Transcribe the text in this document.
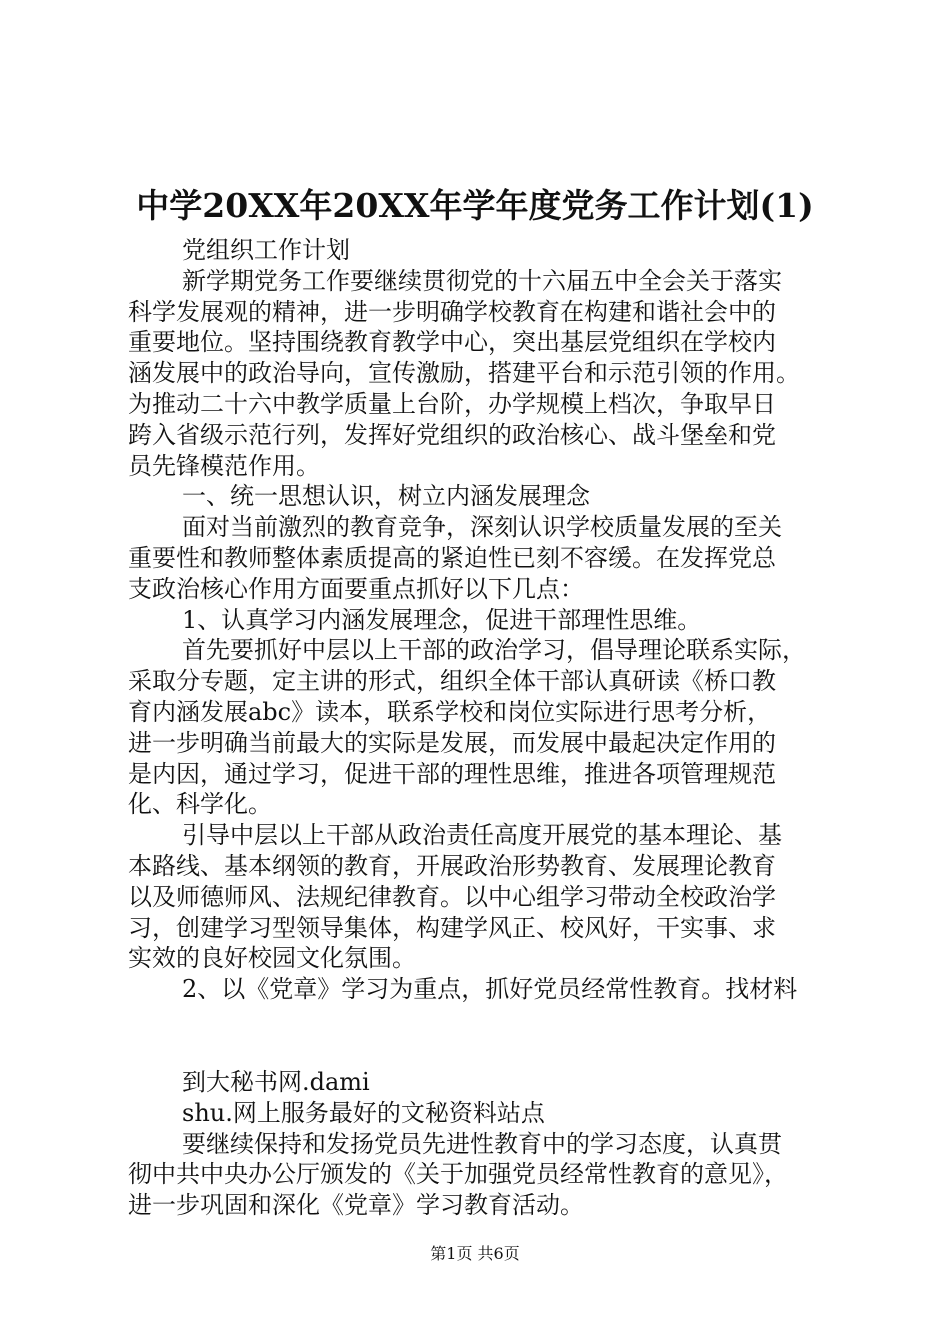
中学20XX年20XX年学年度党务工作计划(1)
党组织工作计划
新学期党务工作要继续贯彻党的十六届五中全会关于落实
科学发展观的精神，进一步明确学校教育在构建和谐社会中的
重要地位。坚持围绕教育教学中心，突出基层党组织在学校内
涵发展中的政治导向，宣传激励，搭建平台和示范引领的作用。
为推动二十六中教学质量上台阶，办学规模上档次，争取早日
跨入省级示范行列，发挥好党组织的政治核心、战斗堡垒和党
员先锋模范作用。
一、统一思想认识，树立内涵发展理念
面对当前激烈的教育竞争，深刻认识学校质量发展的至关
重要性和教师整体素质提高的紧迫性已刻不容缓。在发挥党总
支政治核心作用方面要重点抓好以下几点：
1、认真学习内涵发展理念，促进干部理性思维。
首先要抓好中层以上干部的政治学习，倡导理论联系实际，
采取分专题，定主讲的形式，组织全体干部认真研读《桥口教
育内涵发展abc》读本，联系学校和岗位实际进行思考分析，
进一步明确当前最大的实际是发展，而发展中最起决定作用的
是内因，通过学习，促进干部的理性思维，推进各项管理规范
化、科学化。
引导中层以上干部从政治责任高度开展党的基本理论、基
本路线、基本纲领的教育，开展政治形势教育、发展理论教育
以及师德师风、法规纪律教育。以中心组学习带动全校政治学
习，创建学习型领导集体，构建学风正、校风好，干实事、求
实效的良好校园文化氛围。
2、以《党章》学习为重点，抓好党员经常性教育。找材料
到大秘书网.dami
shu.网上服务最好的文秘资料站点
要继续保持和发扬党员先进性教育中的学习态度，认真贯
彻中共中央办公厅颁发的《关于加强党员经常性教育的意见》，
进一步巩固和深化《党章》学习教育活动。
第1页 共6页
